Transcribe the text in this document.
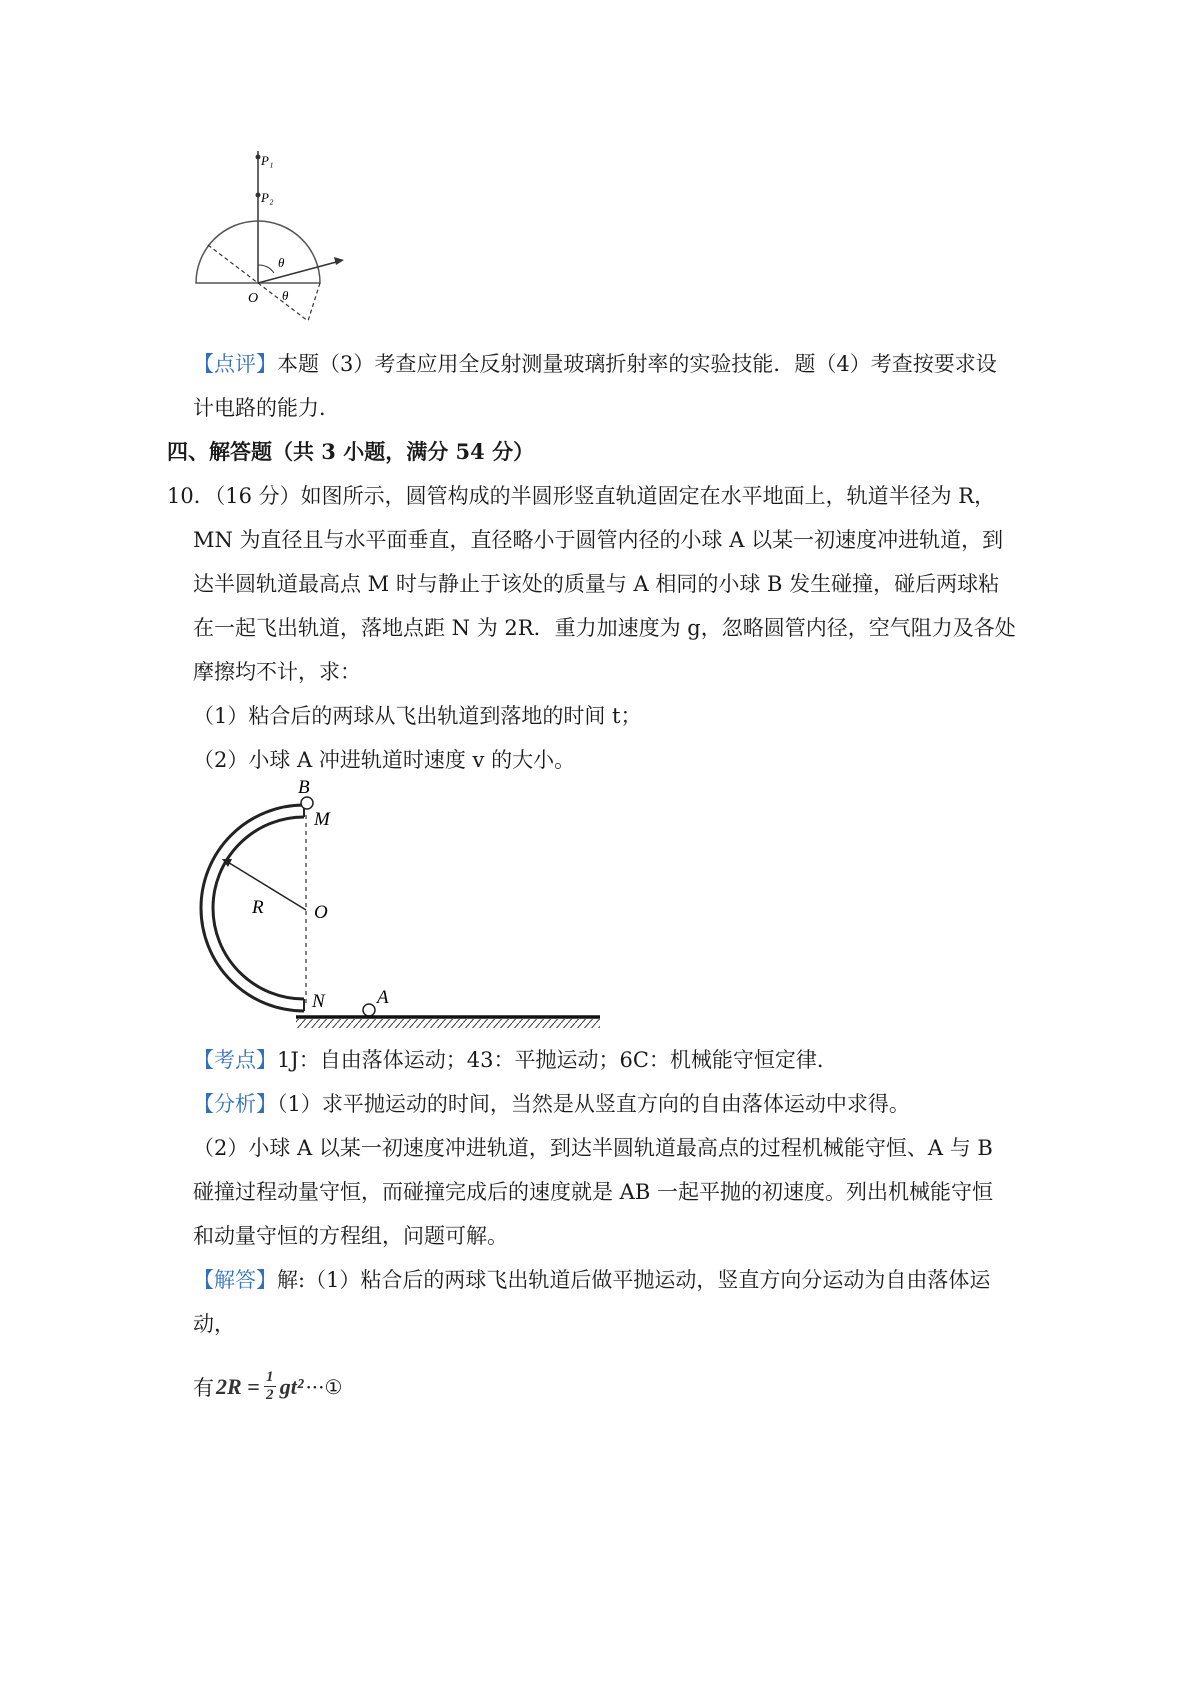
P₁
P₂
θ
O θ
【点评】本题（3）考查应用全反射测量玻璃折射率的实验技能．题（4）考查按要求设
计电路的能力．
四、解答题（共 3 小题，满分 54 分）
10．（16 分）如图所示，圆管构成的半圆形竖直轨道固定在水平地面上，轨道半径为 R，
MN 为直径且与水平面垂直，直径略小于圆管内径的小球 A 以某一初速度冲进轨道，到
达半圆轨道最高点 M 时与静止于该处的质量与 A 相同的小球 B 发生碰撞，碰后两球粘
在一起飞出轨道，落地点距 N 为 2R．重力加速度为 g，忽略圆管内径，空气阻力及各处
摩擦均不计，求：
（1）粘合后的两球从飞出轨道到落地的时间 t；
（2）小球 A 冲进轨道时速度 v 的大小。
B
M
O
R
N	A
【考点】1J：自由落体运动；43：平抛运动；6C：机械能守恒定律．
【分析】（1）求平抛运动的时间，当然是从竖直方向的自由落体运动中求得。
（2）小球 A 以某一初速度冲进轨道，到达半圆轨道最高点的过程机械能守恒、A 与 B
碰撞过程动量守恒，而碰撞完成后的速度就是 AB 一起平抛的初速度。列出机械能守恒
和动量守恒的方程组，问题可解。
【解答】解:（1）粘合后的两球飞出轨道后做平抛运动，竖直方向分运动为自由落体运
动，
有 2R = 1
2 gt² ···①
